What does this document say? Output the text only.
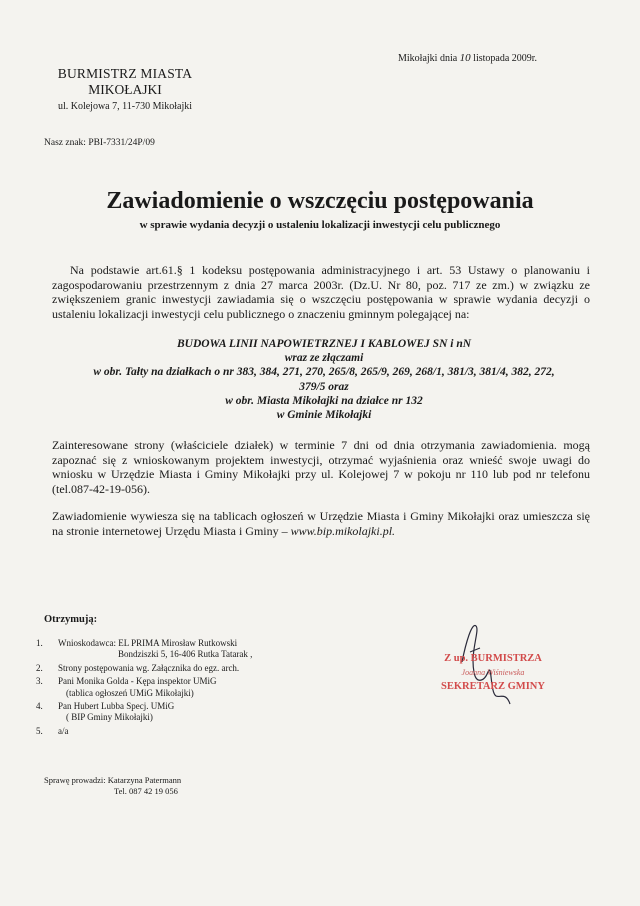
Mikołajki dnia 10 listopada 2009r.
BURMISTRZ MIASTA
MIKOŁAJKI
ul. Kolejowa 7, 11-730 Mikołajki
Nasz znak: PBI-7331/24P/09
Zawiadomienie o wszczęciu postępowania
w sprawie wydania decyzji o ustaleniu lokalizacji inwestycji celu publicznego
Na podstawie art.61.§ 1 kodeksu postępowania administracyjnego i art. 53 Ustawy o planowaniu i zagospodarowaniu przestrzennym z dnia 27 marca 2003r. (Dz.U. Nr 80, poz. 717 ze zm.) w związku ze zwiększeniem granic inwestycji zawiadamia się o wszczęciu postępowania w sprawie wydania decyzji o ustaleniu lokalizacji inwestycji celu publicznego o znaczeniu gminnym polegającej na:
BUDOWA LINII NAPOWIETRZNEJ I KABLOWEJ SN i nN
wraz ze złączami
w obr. Tałty na działkach o nr 383, 384, 271, 270, 265/8, 265/9, 269, 268/1, 381/3, 381/4, 382, 272,
379/5 oraz
w obr. Miasta Mikołajki na działce nr 132
w Gminie Mikołajki
Zainteresowane strony (właściciele działek) w terminie 7 dni od dnia otrzymania zawiadomienia. mogą zapoznać się z wnioskowanym projektem inwestycji, otrzymać wyjaśnienia oraz wnieść swoje uwagi do wniosku w Urzędzie Miasta i Gminy Mikołajki przy ul. Kolejowej 7 w pokoju nr 110 lub pod nr telefonu (tel.087-42-19-056).
Zawiadomienie wywiesza się na tablicach ogłoszeń w Urzędzie Miasta i Gminy Mikołajki oraz umieszcza się na stronie internetowej Urzędu Miasta i Gminy – www.bip.mikolajki.pl.
Otrzymują:
1.	Wnioskodawca: EL PRIMA Mirosław Rutkowski
Bondziszki 5, 16-406 Rutka Tatarak ,
2.	Strony postępowania wg. Załącznika do egz. arch.
3.	Pani Monika Golda - Kępa inspektor UMiG
(tablica ogłoszeń UMiG Mikołajki)
4.	Pan Hubert Lubba Specj. UMiG
( BIP Gminy Mikołajki)
5.	a/a
Sprawę prowadzi: Katarzyna Patermann
Tel. 087 42 19 056
Z up. BURMISTRZA
Joanna Wiśniewska
SEKRETARZ GMINY
